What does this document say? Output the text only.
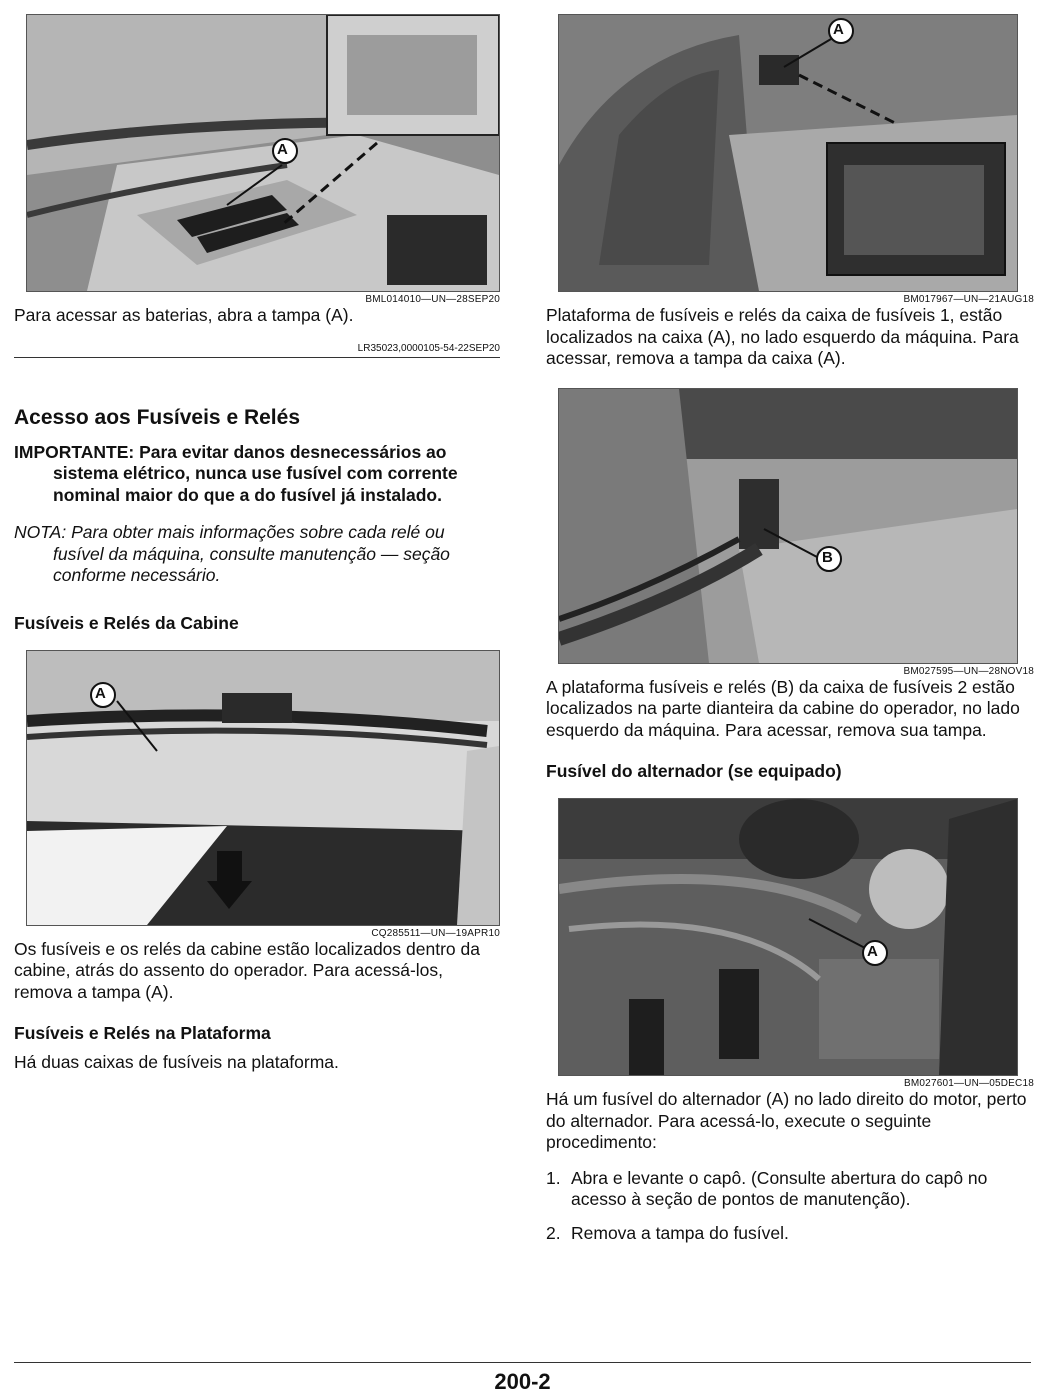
A
BML014010—UN—28SEP20

Para acessar as baterias, abra a tampa (A).

LR35023,0000105-54-22SEP20
Acesso aos Fusíveis e Relés

IMPORTANTE: Para evitar danos desnecessários ao
sistema elétrico, nunca use fusível com corrente nominal maior do que a do fusível já instalado.

NOTA: Para obter mais informações sobre cada relé ou
fusível da máquina, consulte manutenção — seção conforme necessário.

Fusíveis e Relés da Cabine
A
CQ285511—UN—19APR10

Os fusíveis e os relés da cabine estão localizados dentro da cabine, atrás do assento do operador. Para acessá-los, remova a tampa (A).

Fusíveis e Relés na Plataforma

Há duas caixas de fusíveis na plataforma.

A
BM017967—UN—21AUG18

Plataforma de fusíveis e relés da caixa de fusíveis 1, estão localizados na caixa (A), no lado esquerdo da máquina. Para acessar, remova a tampa da caixa (A).

B
BM027595—UN—28NOV18

A plataforma fusíveis e relés (B) da caixa de fusíveis 2 estão localizados na parte dianteira da cabine do operador, no lado esquerdo da máquina. Para acessar, remova sua tampa.

Fusível do alternador (se equipado)
A
BM027601—UN—05DEC18

Há um fusível do alternador (A) no lado direito do motor, perto do alternador. Para acessá-lo, execute o seguinte procedimento:

1. Abra e levante o capô. (Consulte abertura do capô no acesso à seção de pontos de manutenção).
2. Remova a tampa do fusível.
200-2
